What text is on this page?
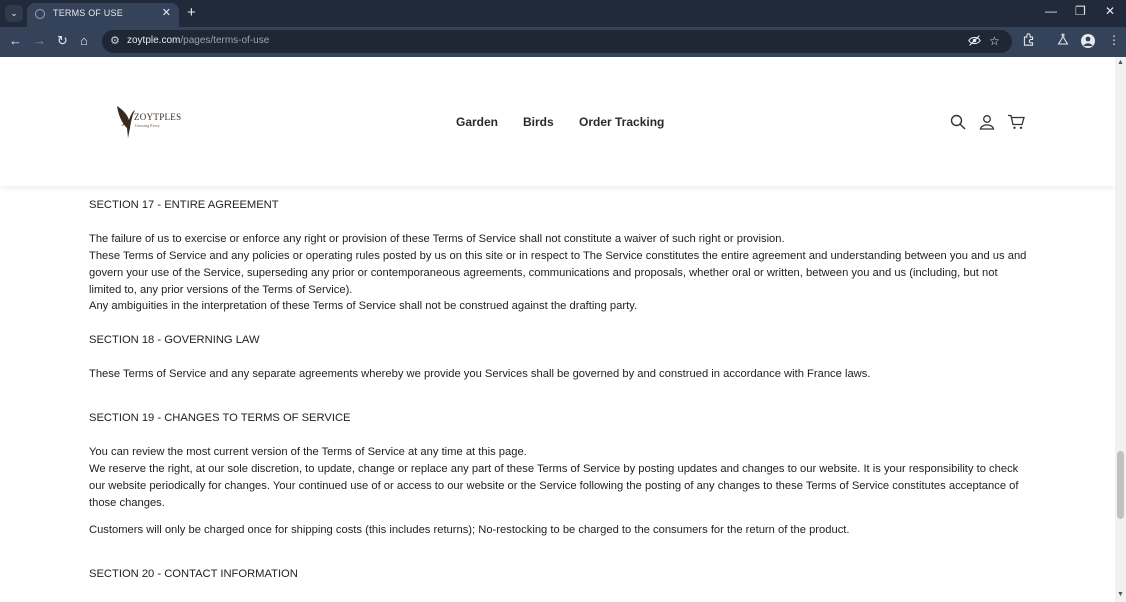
⌄	TERMS OF USE	✕ +	— ❐ ✕
← → ↻ ⌂ ⚙ zoytple.com/pages/terms-of-use	☆	⋮
SECTION 17 - ENTIRE AGREEMENT
The failure of us to exercise or enforce any right or provision of these Terms of Service shall not constitute a waiver of such right or provision.
These Terms of Service and any policies or operating rules posted by us on this site or in respect to The Service constitutes the entire agreement and understanding between you and us and govern your use of the Service, superseding any prior or contemporaneous agreements, communications and proposals, whether oral or written, between you and us (including, but not limited to, any prior versions of the Terms of Service).
Any ambiguities in the interpretation of these Terms of Service shall not be construed against the drafting party.
SECTION 18 - GOVERNING LAW
These Terms of Service and any separate agreements whereby we provide you Services shall be governed by and construed in accordance with France laws.
SECTION 19 - CHANGES TO TERMS OF SERVICE
You can review the most current version of the Terms of Service at any time at this page.
We reserve the right, at our sole discretion, to update, change or replace any part of these Terms of Service by posting updates and changes to our website. It is your responsibility to check our website periodically for changes. Your continued use of or access to our website or the Service following the posting of any changes to these Terms of Service constitutes acceptance of those changes.
Customers will only be charged once for shipping costs (this includes returns); No-restocking to be charged to the consumers for the return of the product.
SECTION 20 - CONTACT INFORMATION
ZOYTPLES
Growing Every	Garden Birds Order Tracking
▲
▼
